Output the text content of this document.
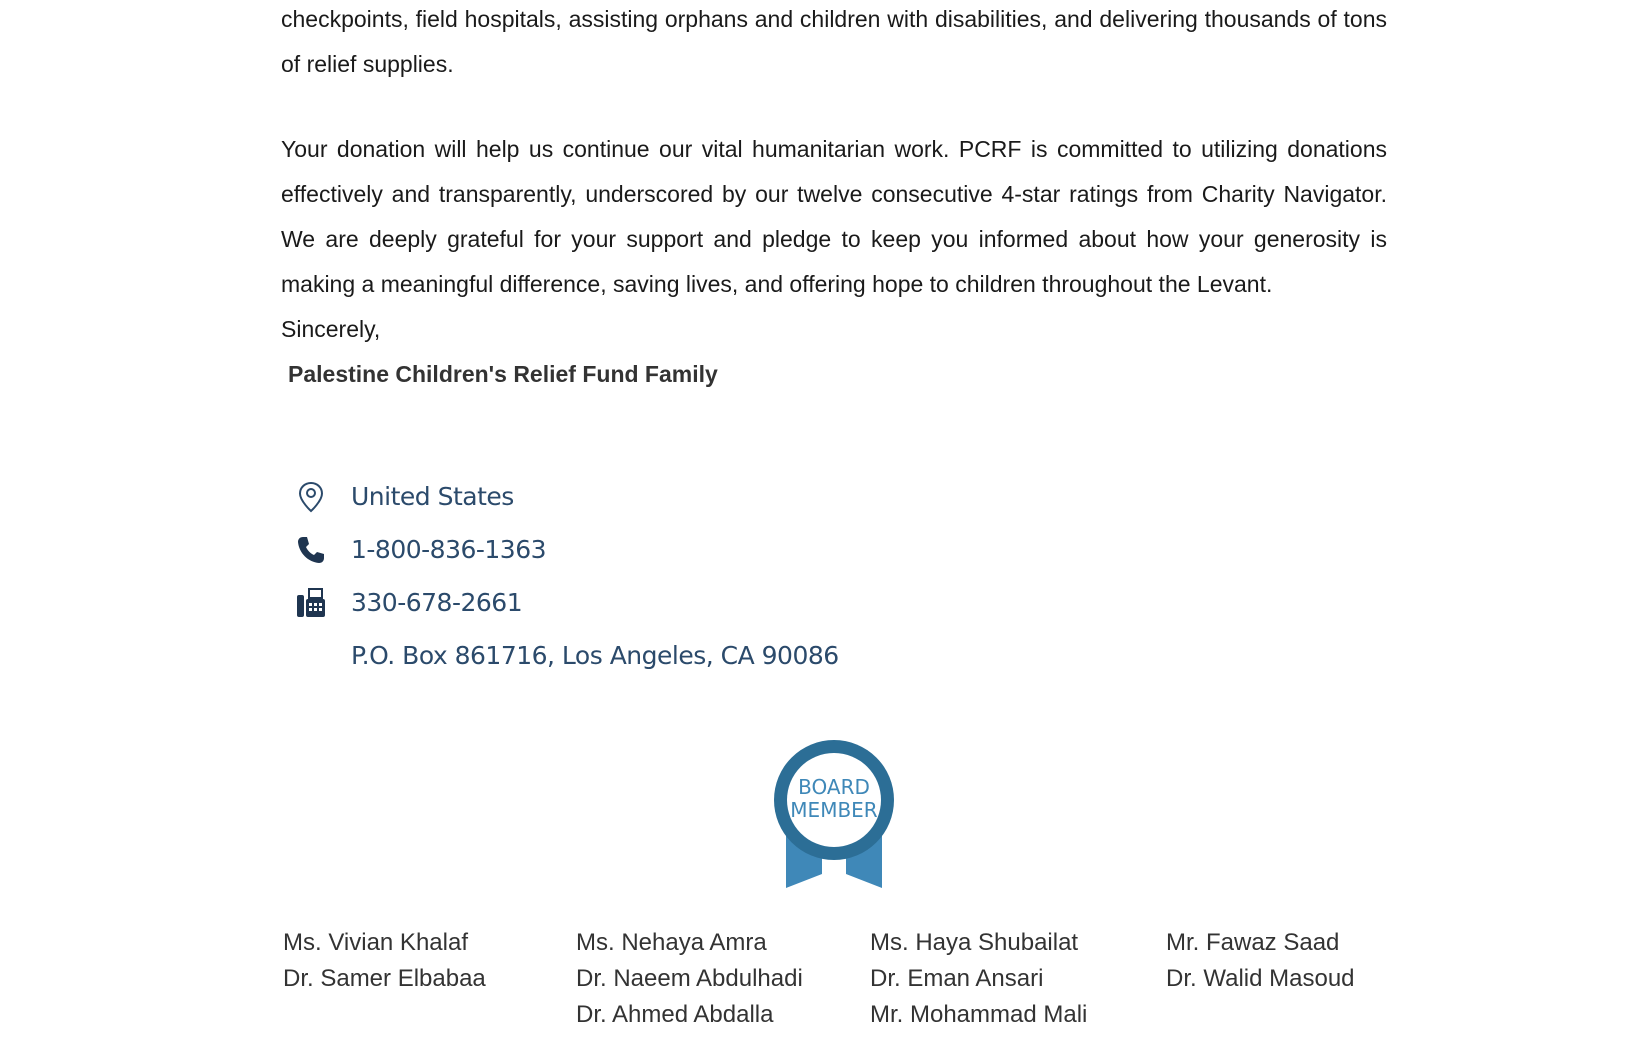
checkpoints, field hospitals, assisting orphans and children with disabilities, and delivering thousands of tons of relief supplies.

Your donation will help us continue our vital humanitarian work. PCRF is committed to utilizing donations effectively and transparently, underscored by our twelve consecutive 4-star ratings from Charity Navigator. We are deeply grateful for your support and pledge to keep you informed about how your generosity is making a meaningful difference, saving lives, and offering hope to children throughout the Levant.

Sincerely,

Palestine Children's Relief Fund Family

United States
1-800-836-1363
330-678-2661
P.O. Box 861716, Los Angeles, CA 90086
BOARD
MEMBER
Ms. Vivian Khalaf
Dr. Samer Elbabaa
Ms. Nehaya Amra
Dr. Naeem Abdulhadi
Dr. Ahmed Abdalla
Ms. Haya Shubailat
Dr. Eman Ansari
Mr. Mohammad Mali
Mr. Fawaz Saad
Dr. Walid Masoud
